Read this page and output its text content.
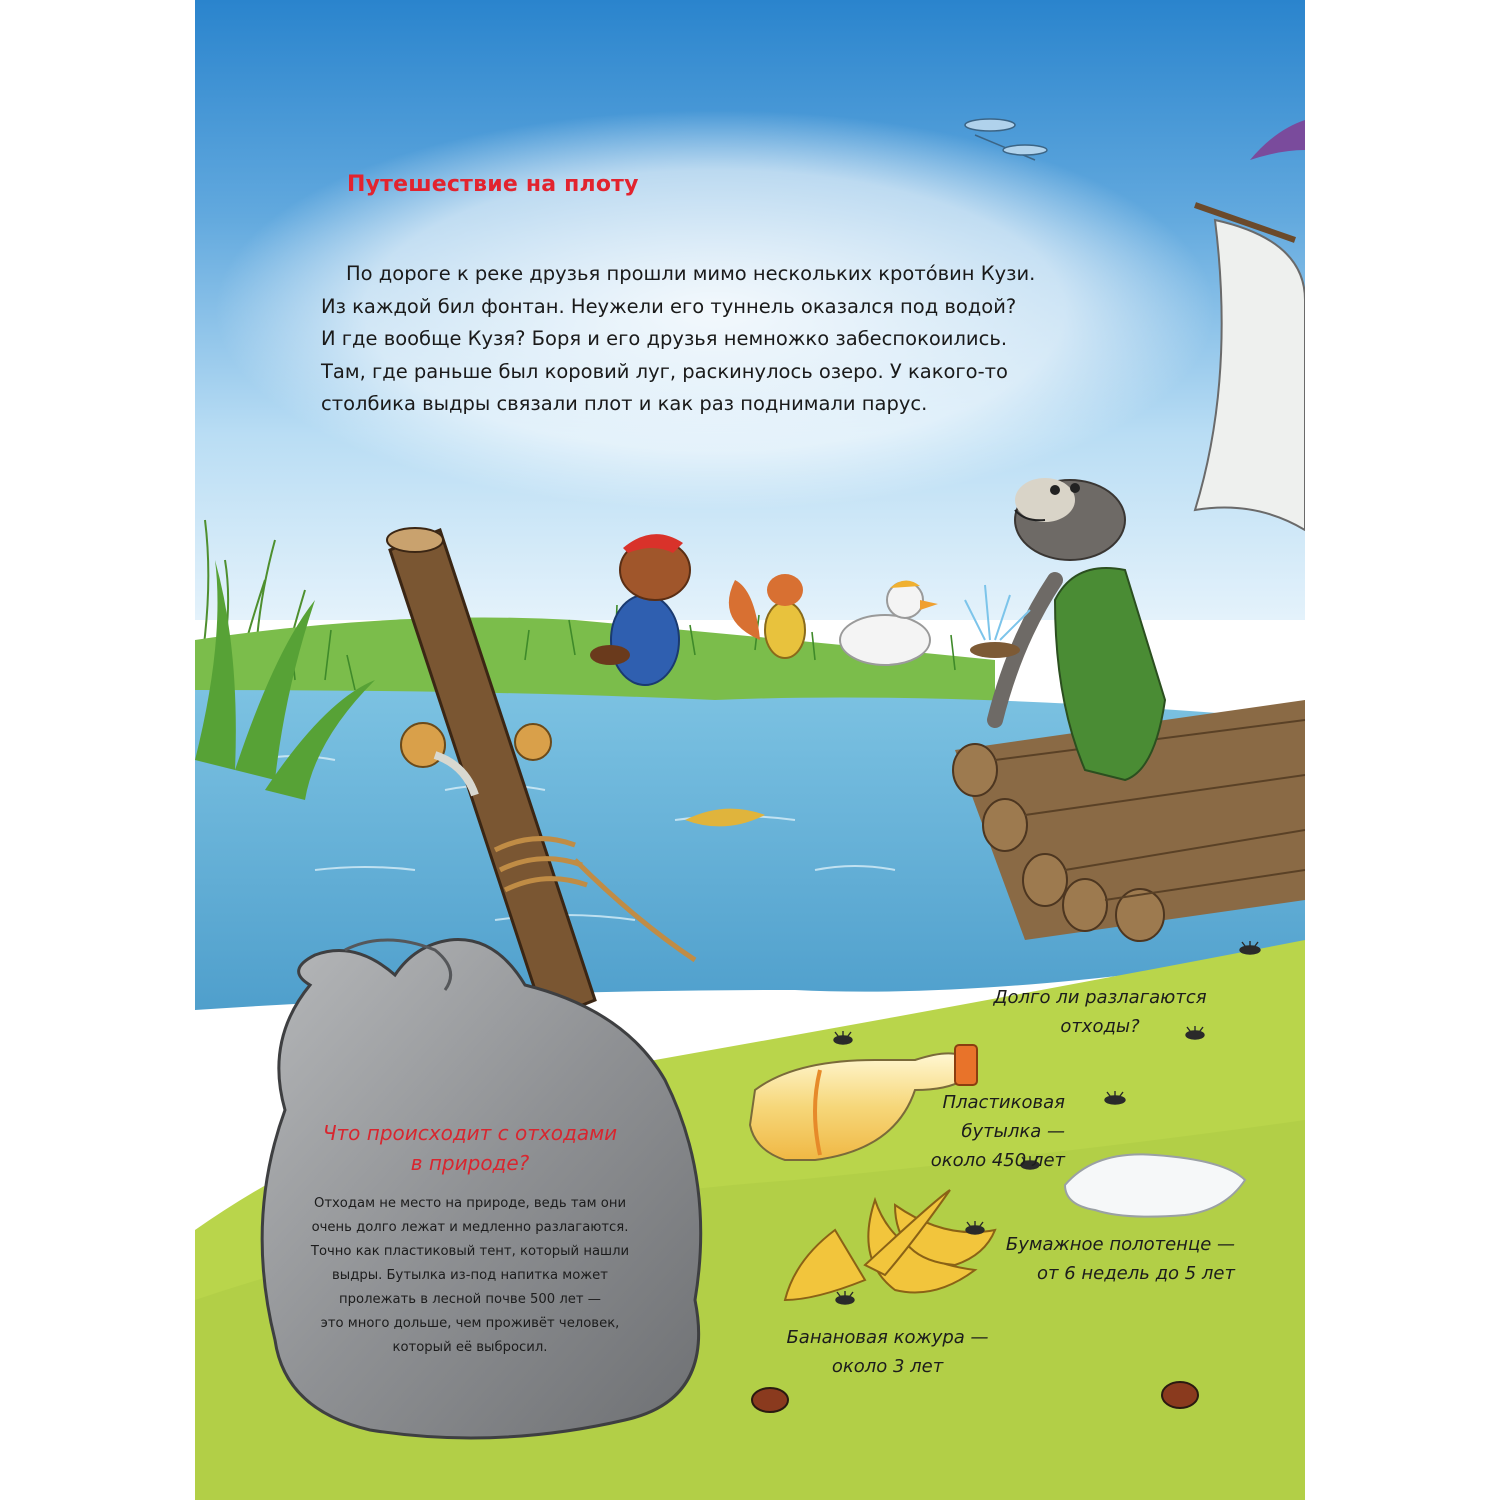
Путешествие на плоту
По дороге к реке друзья прошли мимо нескольких крото́вин Кузи.
Из каждой бил фонтан. Неужели его туннель оказался под водой?
И где вообще Кузя? Боря и его друзья немножко забеспокоились.
Там, где раньше был коровий луг, раскинулось озеро. У какого-то
столбика выдры связали плот и как раз поднимали парус.
Что происходит с отходами
в природе?
Отходам не место на природе, ведь там они
очень долго лежат и медленно разлагаются.
Точно как пластиковый тент, который нашли
выдры. Бутылка из-под напитка может
пролежать в лесной почве 500 лет —
это много дольше, чем проживёт человек,
который её выбросил.
Долго ли разлагаются
отходы?
Пластиковая
бутылка —
около 450 лет
Бумажное полотенце —
от 6 недель до 5 лет
Банановая кожура —
около 3 лет
